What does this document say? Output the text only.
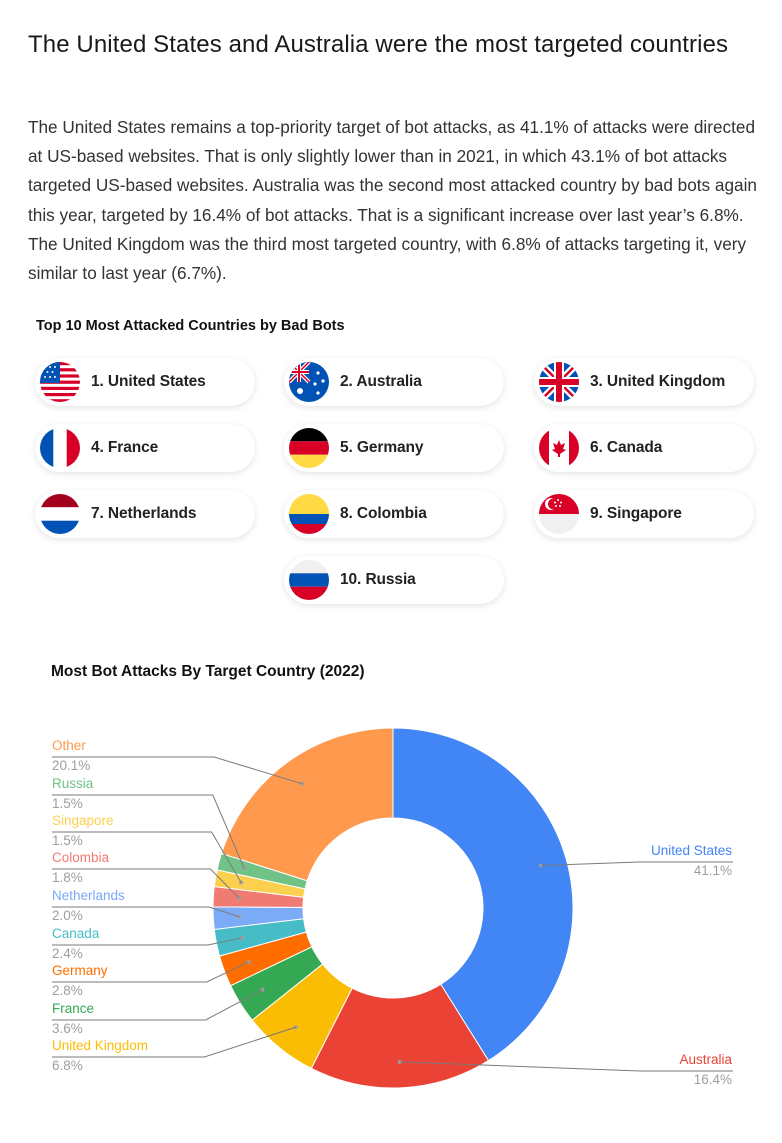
The United States and Australia were the most targeted countries

The United States remains a top-priority target of bot attacks, as 41.1% of attacks were directed at US-based websites. That is only slightly lower than in 2021, in which 43.1% of bot attacks targeted US-based websites. Australia was the second most attacked country by bad bots again this year, targeted by 16.4% of bot attacks. That is a significant increase over last year’s 6.8%. The United Kingdom was the third most targeted country, with 6.8% of attacks targeting it, very similar to last year (6.7%).

Top 10 Most Attacked Countries by Bad Bots
1. United States	2. Australia	3. United Kingdom
4. France	5. Germany	6. Canada
7. Netherlands	8. Colombia	9. Singapore
10. Russia
Most Bot Attacks By Target Country (2022)
United States
41.1%
Australia
16.4%
United Kingdom
6.8%
France
3.6%
Germany
2.8%
Canada
2.4%
Netherlands
2.0%
Colombia
1.8%
Singapore
1.5%
Russia
1.5%
Other
20.1%
